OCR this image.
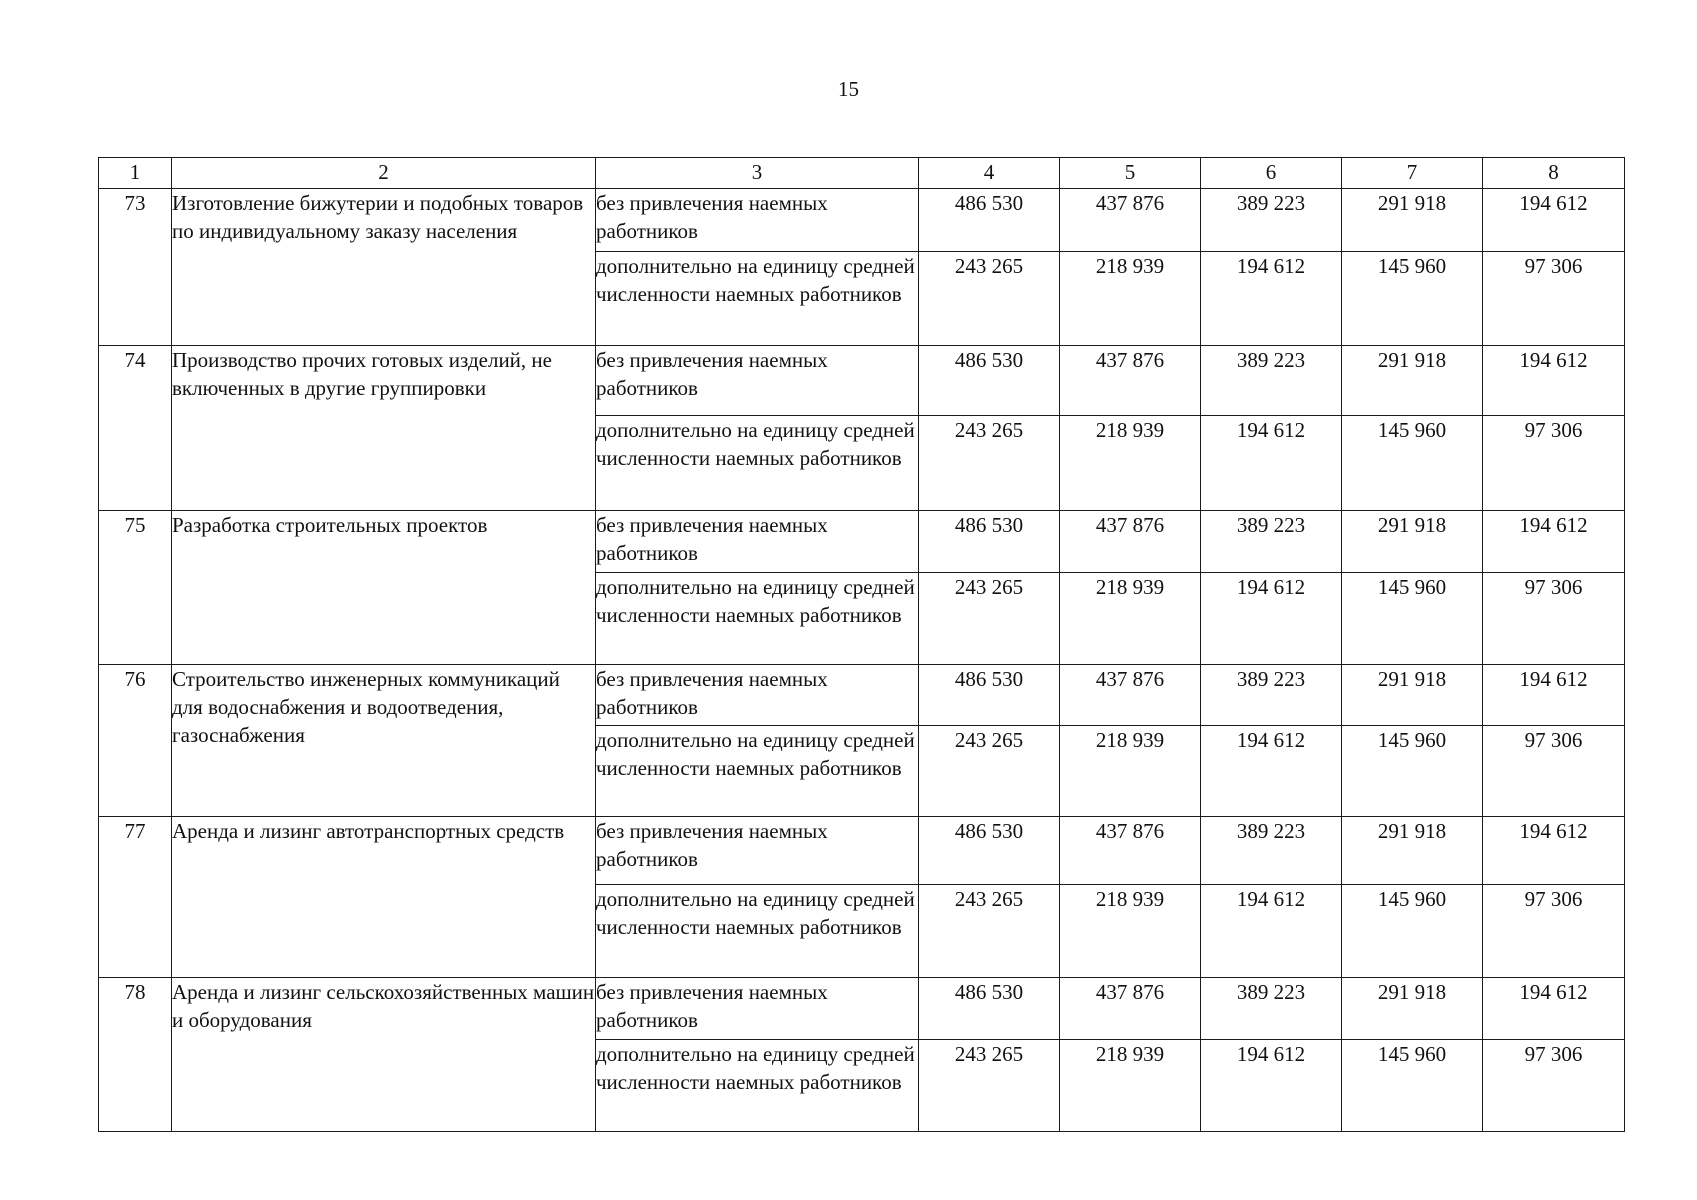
15
1	2	3	4	5	6	7	8
73	Изготовление бижутерии и подобных товаров по индивидуальному заказу населения	без привлечения наемных работников	486 530	437 876	389 223	291 918	194 612
		дополнительно на единицу средней численности наемных работников	243 265	218 939	194 612	145 960	97 306
74	Производство прочих готовых изделий, не включенных в другие группировки	без привлечения наемных работников	486 530	437 876	389 223	291 918	194 612
		дополнительно на единицу средней численности наемных работников	243 265	218 939	194 612	145 960	97 306
75	Разработка строительных проектов	без привлечения наемных работников	486 530	437 876	389 223	291 918	194 612
		дополнительно на единицу средней численности наемных работников	243 265	218 939	194 612	145 960	97 306
76	Строительство инженерных коммуникаций для водоснабжения и водоотведения, газоснабжения	без привлечения наемных работников	486 530	437 876	389 223	291 918	194 612
		дополнительно на единицу средней численности наемных работников	243 265	218 939	194 612	145 960	97 306
77	Аренда и лизинг автотранспортных средств	без привлечения наемных работников	486 530	437 876	389 223	291 918	194 612
		дополнительно на единицу средней численности наемных работников	243 265	218 939	194 612	145 960	97 306
78	Аренда и лизинг сельскохозяйственных машин и оборудования	без привлечения наемных работников	486 530	437 876	389 223	291 918	194 612
		дополнительно на единицу средней численности наемных работников	243 265	218 939	194 612	145 960	97 306
